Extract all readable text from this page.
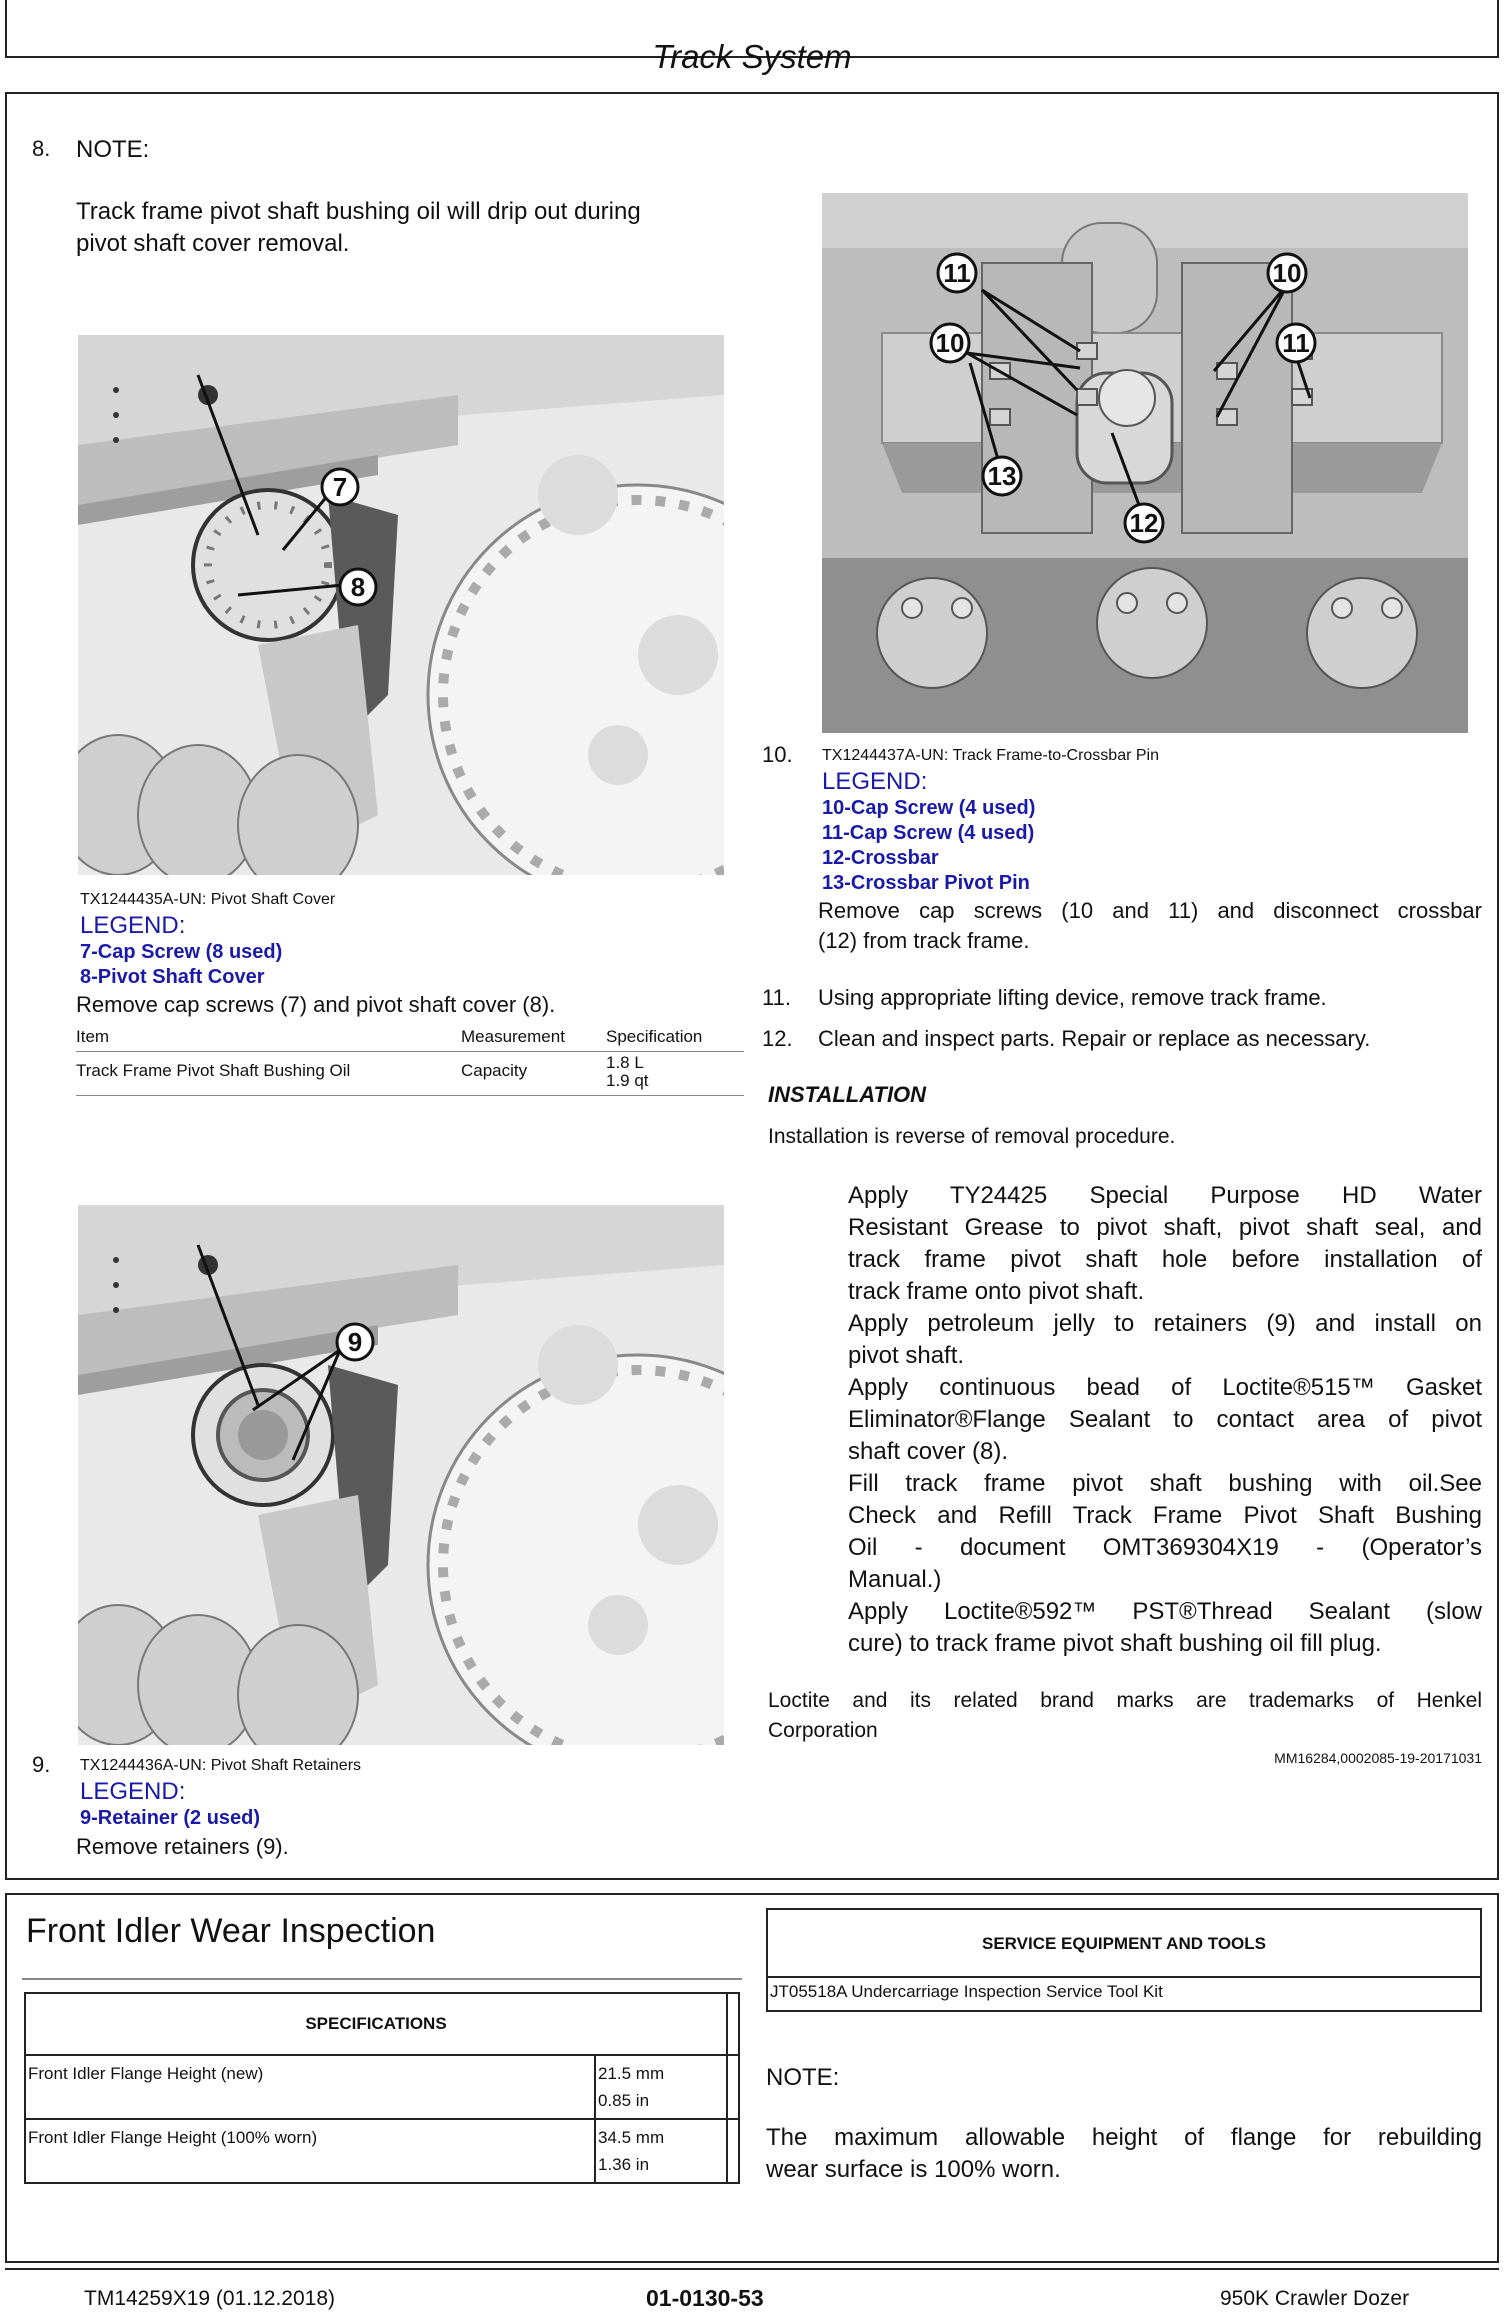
Track System
8. NOTE:
Track frame pivot shaft bushing oil will drip out during
pivot shaft cover removal.
7
8
TX1244435A-UN: Pivot Shaft Cover
LEGEND:
7-Cap Screw (8 used)
8-Pivot Shaft Cover
Remove cap screws (7) and pivot shaft cover (8).
Item	Measurement Specification
Track Frame Pivot Shaft Bushing Oil	Capacity	1.8 L
1.9 qt
9
9. TX1244436A-UN: Pivot Shaft Retainers
LEGEND:
9-Retainer (2 used)
Remove retainers (9).
11
10
10
11
13
12
10. TX1244437A-UN: Track Frame-to-Crossbar Pin
LEGEND:
10-Cap Screw (4 used)
11-Cap Screw (4 used)
12-Crossbar
13-Crossbar Pivot Pin
Remove cap screws (10 and 11) and disconnect crossbar
(12) from track frame.
11. Using appropriate lifting device, remove track frame.
12. Clean and inspect parts. Repair or replace as necessary.
INSTALLATION
Installation is reverse of removal procedure.
Apply TY24425 Special Purpose HD Water
Resistant Grease to pivot shaft, pivot shaft seal, and
track frame pivot shaft hole before installation of
track frame onto pivot shaft.
Apply petroleum jelly to retainers (9) and install on
pivot shaft.
Apply continuous bead of Loctite®515™ Gasket
Eliminator®Flange Sealant to contact area of pivot
shaft cover (8).
Fill track frame pivot shaft bushing with oil.See
Check and Refill Track Frame Pivot Shaft Bushing
Oil - document OMT369304X19 - (Operator’s
Manual.)
Apply Loctite®592™ PST®Thread Sealant (slow
cure) to track frame pivot shaft bushing oil fill plug.
Loctite and its related brand marks are trademarks of Henkel
Corporation
MM16284,0002085-19-20171031
Front Idler Wear Inspection
SPECIFICATIONS
Front Idler Flange Height (new)	21.5 mm
0.85 in
Front Idler Flange Height (100% worn)	34.5 mm
1.36 in
SERVICE EQUIPMENT AND TOOLS
JT05518A Undercarriage Inspection Service Tool Kit
NOTE:
The maximum allowable height of flange for rebuilding
wear surface is 100% worn.
TM14259X19 (01.12.2018)	01-0130-53	950K Crawler Dozer
